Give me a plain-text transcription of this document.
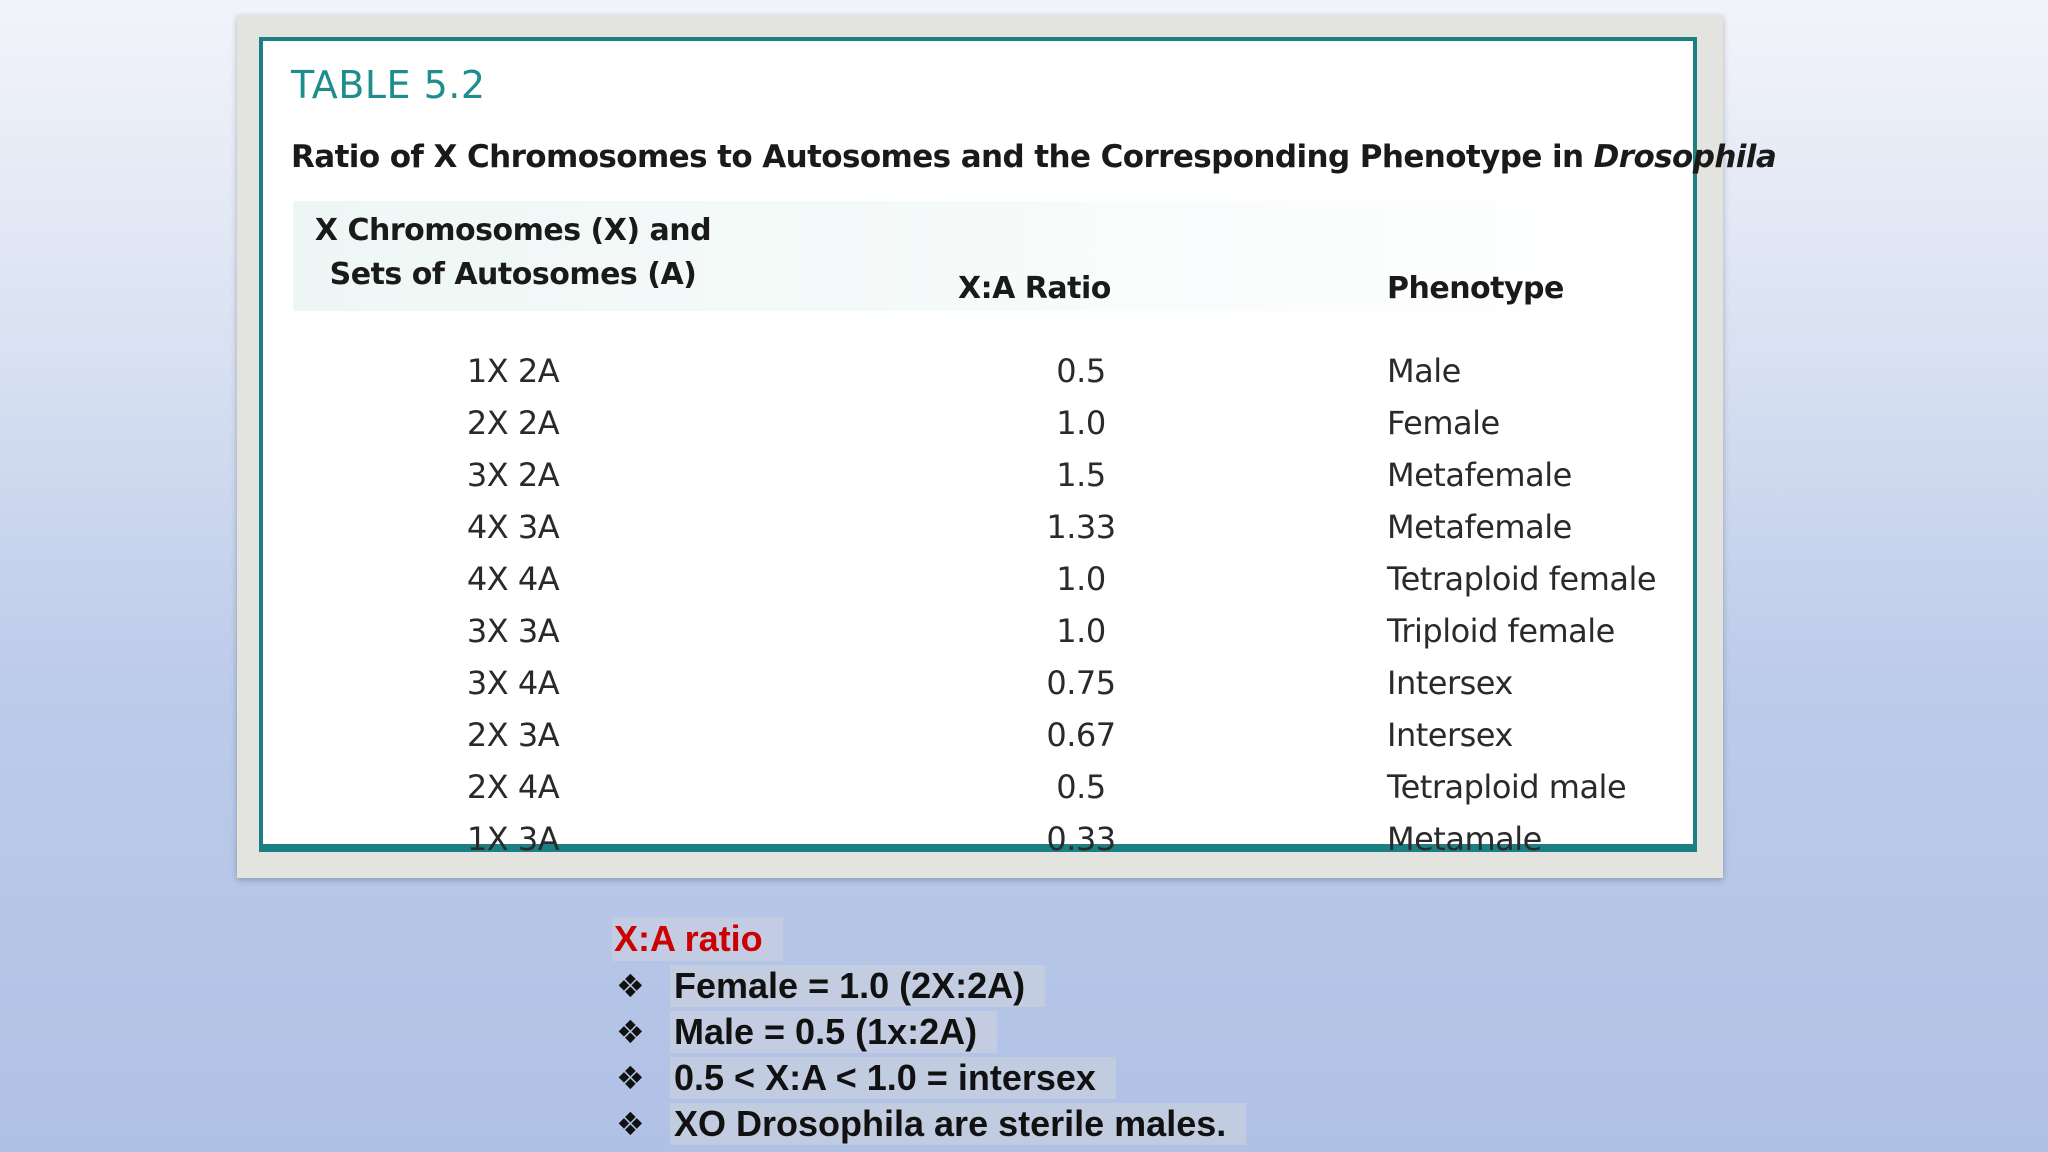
TABLE 5.2
Ratio of X Chromosomes to Autosomes and the Corresponding Phenotype in Drosophila
X Chromosomes (X) and Sets of Autosomes (A)	X:A Ratio	Phenotype
1X 2A	0.5	Male
2X 2A	1.0	Female
3X 2A	1.5	Metafemale
4X 3A	1.33	Metafemale
4X 4A	1.0	Tetraploid female
3X 3A	1.0	Triploid female
3X 4A	0.75	Intersex
2X 3A	0.67	Intersex
2X 4A	0.5	Tetraploid male
1X 3A	0.33	Metamale
X:A ratio
❖ Female = 1.0 (2X:2A)
❖ Male = 0.5 (1x:2A)
❖ 0.5 < X:A < 1.0 = intersex
❖ XO Drosophila are sterile males.
